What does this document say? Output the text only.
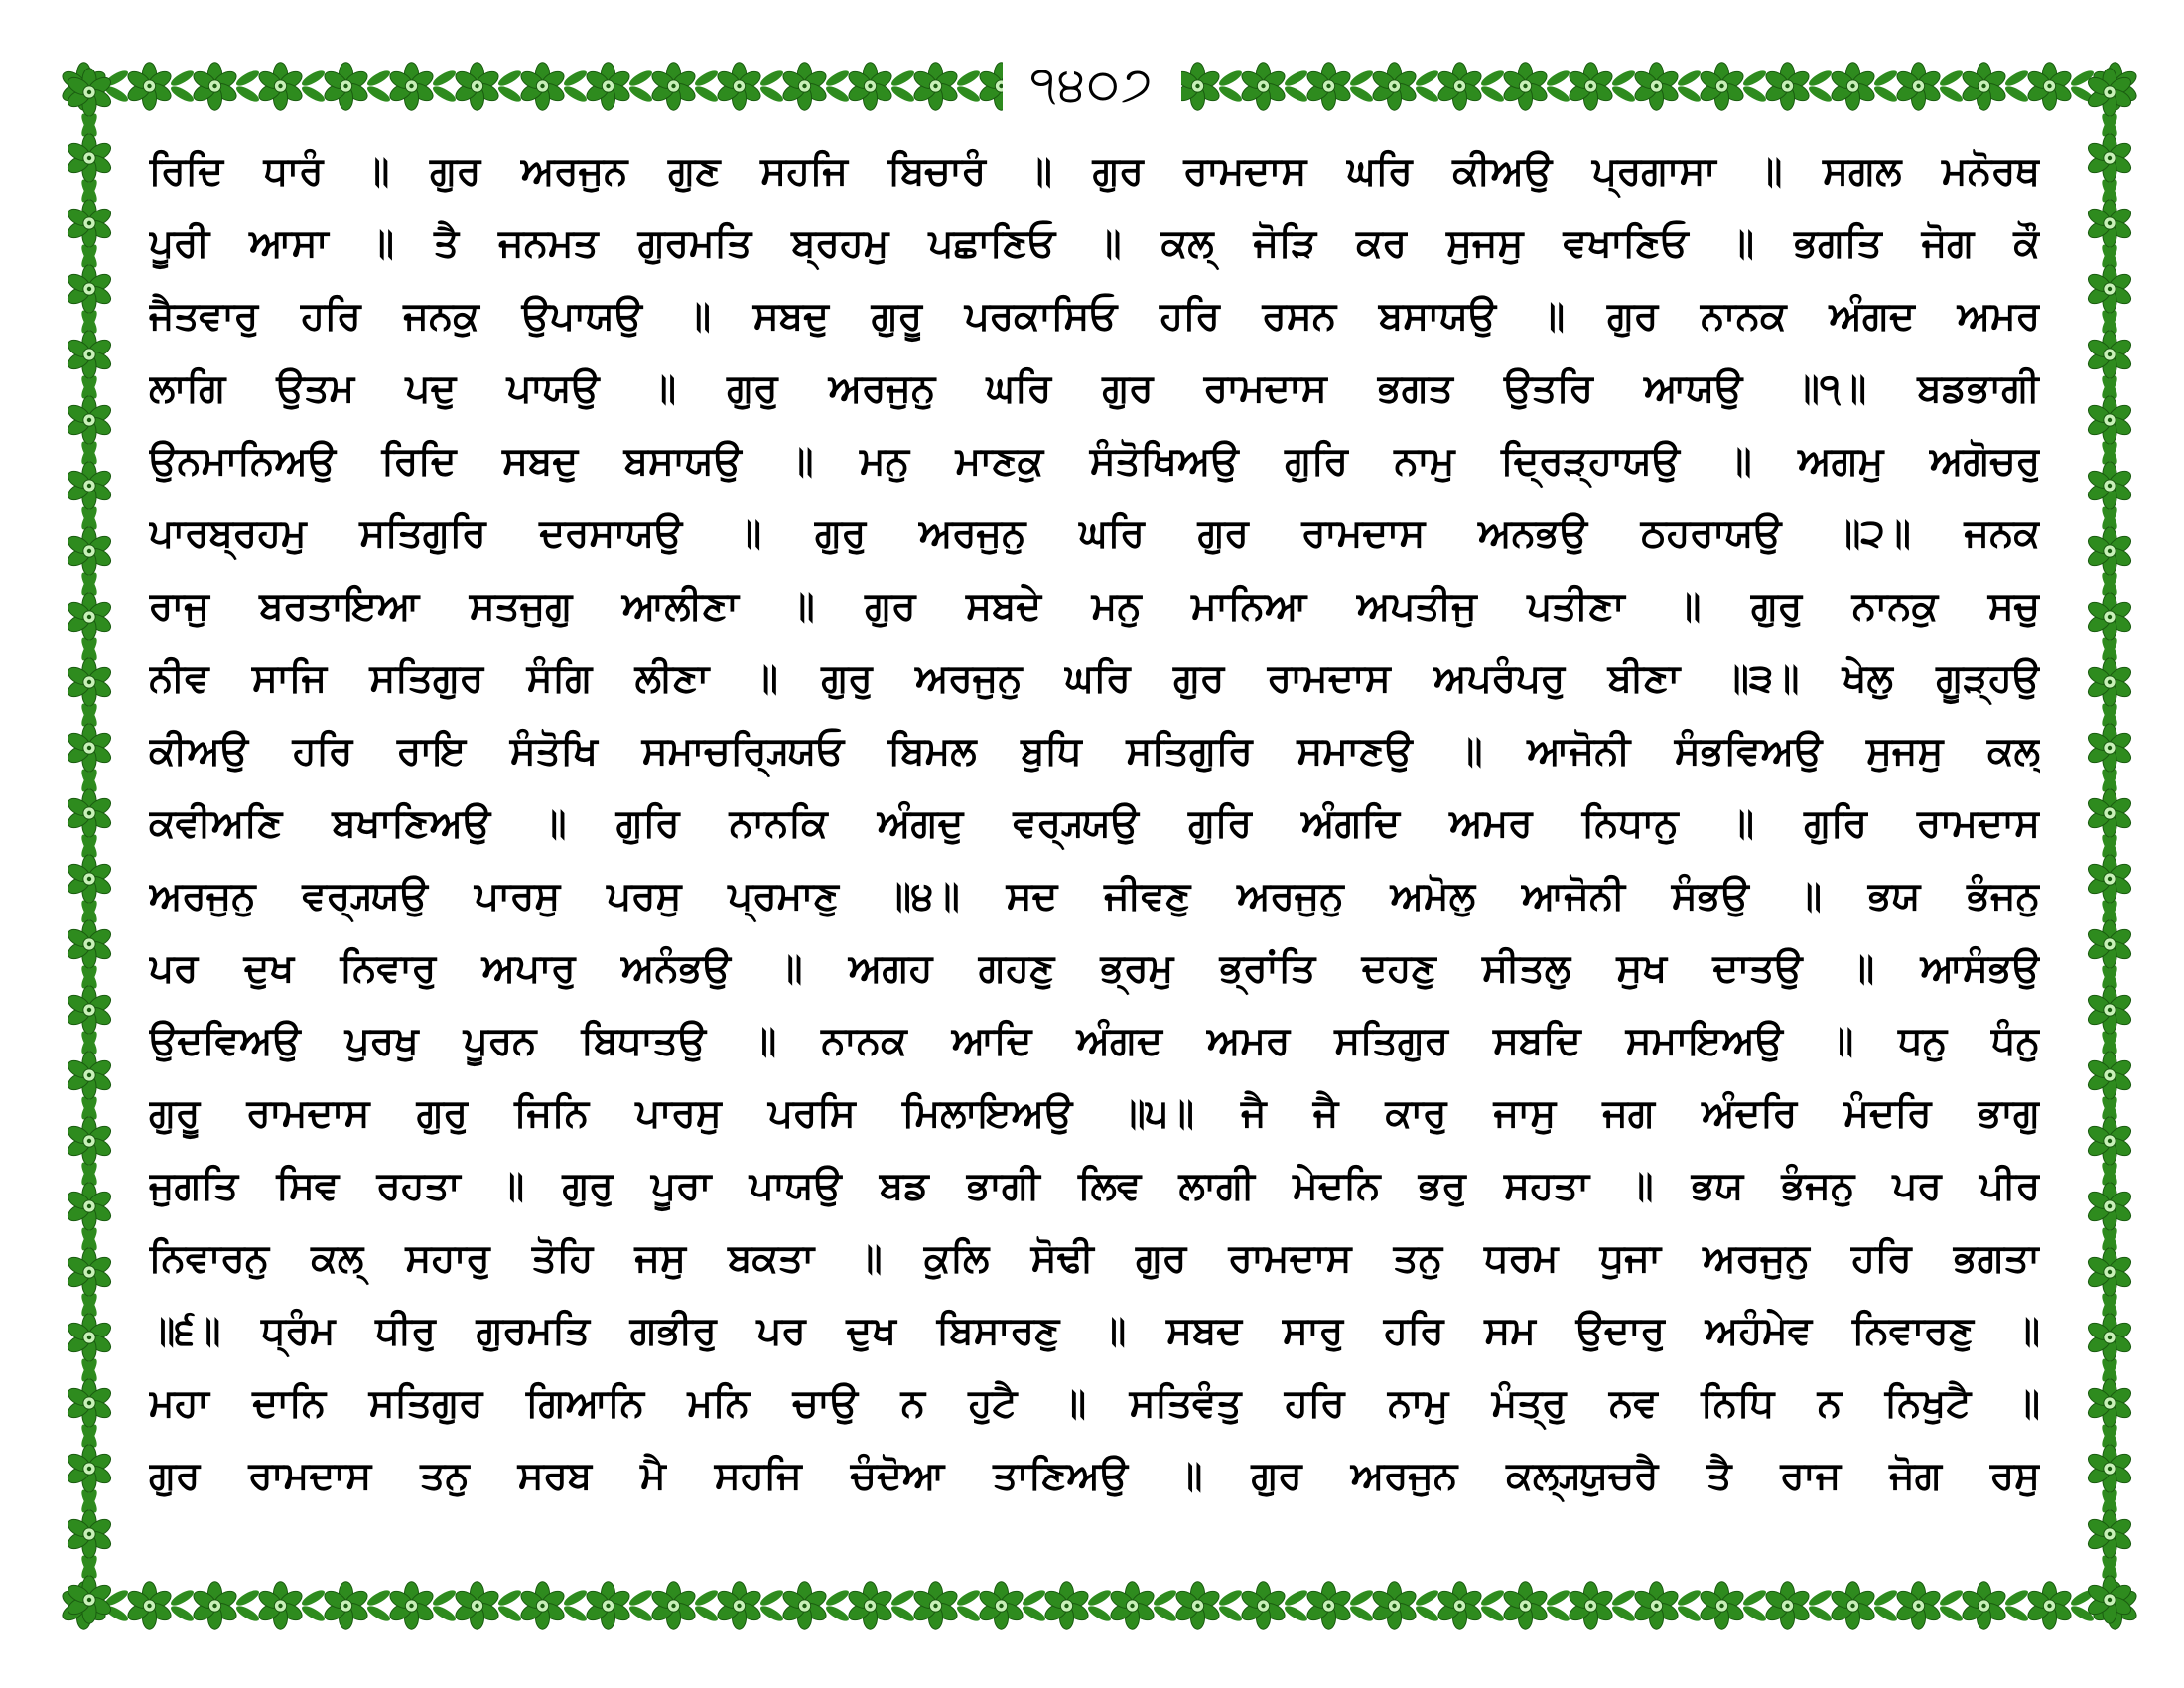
੧੪੦੭
ਰਿਦਿ ਧਾਰੰ ॥ ਗੁਰ ਅਰਜੁਨ ਗੁਣ ਸਹਜਿ ਬਿਚਾਰੰ ॥ ਗੁਰ ਰਾਮਦਾਸ ਘਰਿ ਕੀਅਉ ਪ੍ਰਗਾਸਾ ॥ ਸਗਲ ਮਨੋਰਥ
ਪੂਰੀ ਆਸਾ ॥ ਤੈ ਜਨਮਤ ਗੁਰਮਤਿ ਬ੍ਰਹਮੁ ਪਛਾਣਿਓ ॥ ਕਲ੍ ਜੋੜਿ ਕਰ ਸੁਜਸੁ ਵਖਾਣਿਓ ॥ ਭਗਤਿ ਜੋਗ ਕੌ
ਜੈਤਵਾਰੁ ਹਰਿ ਜਨਕੁ ਉਪਾਯਉ ॥ ਸਬਦੁ ਗੁਰੂ ਪਰਕਾਸਿਓ ਹਰਿ ਰਸਨ ਬਸਾਯਉ ॥ ਗੁਰ ਨਾਨਕ ਅੰਗਦ ਅਮਰ
ਲਾਗਿ ਉਤਮ ਪਦੁ ਪਾਯਉ ॥ ਗੁਰੁ ਅਰਜੁਨੁ ਘਰਿ ਗੁਰ ਰਾਮਦਾਸ ਭਗਤ ਉਤਰਿ ਆਯਉ ॥੧॥ ਬਡਭਾਗੀ
ਉਨਮਾਨਿਅਉ ਰਿਦਿ ਸਬਦੁ ਬਸਾਯਉ ॥ ਮਨੁ ਮਾਣਕੁ ਸੰਤੋਖਿਅਉ ਗੁਰਿ ਨਾਮੁ ਦ੍ਰਿੜ੍ਹਾਯਉ ॥ ਅਗਮੁ ਅਗੋਚਰੁ
ਪਾਰਬ੍ਰਹਮੁ ਸਤਿਗੁਰਿ ਦਰਸਾਯਉ ॥ ਗੁਰੁ ਅਰਜੁਨੁ ਘਰਿ ਗੁਰ ਰਾਮਦਾਸ ਅਨਭਉ ਠਹਰਾਯਉ ॥੨॥ ਜਨਕ
ਰਾਜੁ ਬਰਤਾਇਆ ਸਤਜੁਗੁ ਆਲੀਣਾ ॥ ਗੁਰ ਸਬਦੇ ਮਨੁ ਮਾਨਿਆ ਅਪਤੀਜੁ ਪਤੀਣਾ ॥ ਗੁਰੁ ਨਾਨਕੁ ਸਚੁ
ਨੀਵ ਸਾਜਿ ਸਤਿਗੁਰ ਸੰਗਿ ਲੀਣਾ ॥ ਗੁਰੁ ਅਰਜੁਨੁ ਘਰਿ ਗੁਰ ਰਾਮਦਾਸ ਅਪਰੰਪਰੁ ਬੀਣਾ ॥੩॥ ਖੇਲੁ ਗੂੜ੍ਹਉ
ਕੀਅਉ ਹਰਿ ਰਾਇ ਸੰਤੋਖਿ ਸਮਾਚਰ੍ਯ੍ਯਿਓ ਬਿਮਲ ਬੁਧਿ ਸਤਿਗੁਰਿ ਸਮਾਣਉ ॥ ਆਜੋਨੀ ਸੰਭਵਿਅਉ ਸੁਜਸੁ ਕਲ੍
ਕਵੀਅਣਿ ਬਖਾਣਿਅਉ ॥ ਗੁਰਿ ਨਾਨਕਿ ਅੰਗਦੁ ਵਰ੍ਯ੍ਯਉ ਗੁਰਿ ਅੰਗਦਿ ਅਮਰ ਨਿਧਾਨੁ ॥ ਗੁਰਿ ਰਾਮਦਾਸ
ਅਰਜੁਨੁ ਵਰ੍ਯ੍ਯਉ ਪਾਰਸੁ ਪਰਸੁ ਪ੍ਰਮਾਣੁ ॥੪॥ ਸਦ ਜੀਵਣੁ ਅਰਜੁਨੁ ਅਮੋਲੁ ਆਜੋਨੀ ਸੰਭਉ ॥ ਭਯ ਭੰਜਨੁ
ਪਰ ਦੁਖ ਨਿਵਾਰੁ ਅਪਾਰੁ ਅਨੰਭਉ ॥ ਅਗਹ ਗਹਣੁ ਭ੍ਰਮੁ ਭ੍ਰਾਂਤਿ ਦਹਣੁ ਸੀਤਲੁ ਸੁਖ ਦਾਤਉ ॥ ਆਸੰਭਉ
ਉਦਵਿਅਉ ਪੁਰਖੁ ਪੂਰਨ ਬਿਧਾਤਉ ॥ ਨਾਨਕ ਆਦਿ ਅੰਗਦ ਅਮਰ ਸਤਿਗੁਰ ਸਬਦਿ ਸਮਾਇਅਉ ॥ ਧਨੁ ਧੰਨੁ
ਗੁਰੂ ਰਾਮਦਾਸ ਗੁਰੁ ਜਿਨਿ ਪਾਰਸੁ ਪਰਸਿ ਮਿਲਾਇਅਉ ॥੫॥ ਜੈ ਜੈ ਕਾਰੁ ਜਾਸੁ ਜਗ ਅੰਦਰਿ ਮੰਦਰਿ ਭਾਗੁ
ਜੁਗਤਿ ਸਿਵ ਰਹਤਾ ॥ ਗੁਰੁ ਪੂਰਾ ਪਾਯਉ ਬਡ ਭਾਗੀ ਲਿਵ ਲਾਗੀ ਮੇਦਨਿ ਭਰੁ ਸਹਤਾ ॥ ਭਯ ਭੰਜਨੁ ਪਰ ਪੀਰ
ਨਿਵਾਰਨੁ ਕਲ੍ ਸਹਾਰੁ ਤੋਹਿ ਜਸੁ ਬਕਤਾ ॥ ਕੁਲਿ ਸੋਢੀ ਗੁਰ ਰਾਮਦਾਸ ਤਨੁ ਧਰਮ ਧੁਜਾ ਅਰਜੁਨੁ ਹਰਿ ਭਗਤਾ
॥੬॥ ਧ੍ਰੰਮ ਧੀਰੁ ਗੁਰਮਤਿ ਗਭੀਰੁ ਪਰ ਦੁਖ ਬਿਸਾਰਣੁ ॥ ਸਬਦ ਸਾਰੁ ਹਰਿ ਸਮ ਉਦਾਰੁ ਅਹੰਮੇਵ ਨਿਵਾਰਣੁ ॥
ਮਹਾ ਦਾਨਿ ਸਤਿਗੁਰ ਗਿਆਨਿ ਮਨਿ ਚਾਉ ਨ ਹੁਟੈ ॥ ਸਤਿਵੰਤੁ ਹਰਿ ਨਾਮੁ ਮੰਤ੍ਰੁ ਨਵ ਨਿਧਿ ਨ ਨਿਖੁਟੈ ॥
ਗੁਰ ਰਾਮਦਾਸ ਤਨੁ ਸਰਬ ਮੈ ਸਹਜਿ ਚੰਦੋਆ ਤਾਣਿਅਉ ॥ ਗੁਰ ਅਰਜੁਨ ਕਲ੍ਯ੍ਯੁਚਰੈ ਤੈ ਰਾਜ ਜੋਗ ਰਸੁ
